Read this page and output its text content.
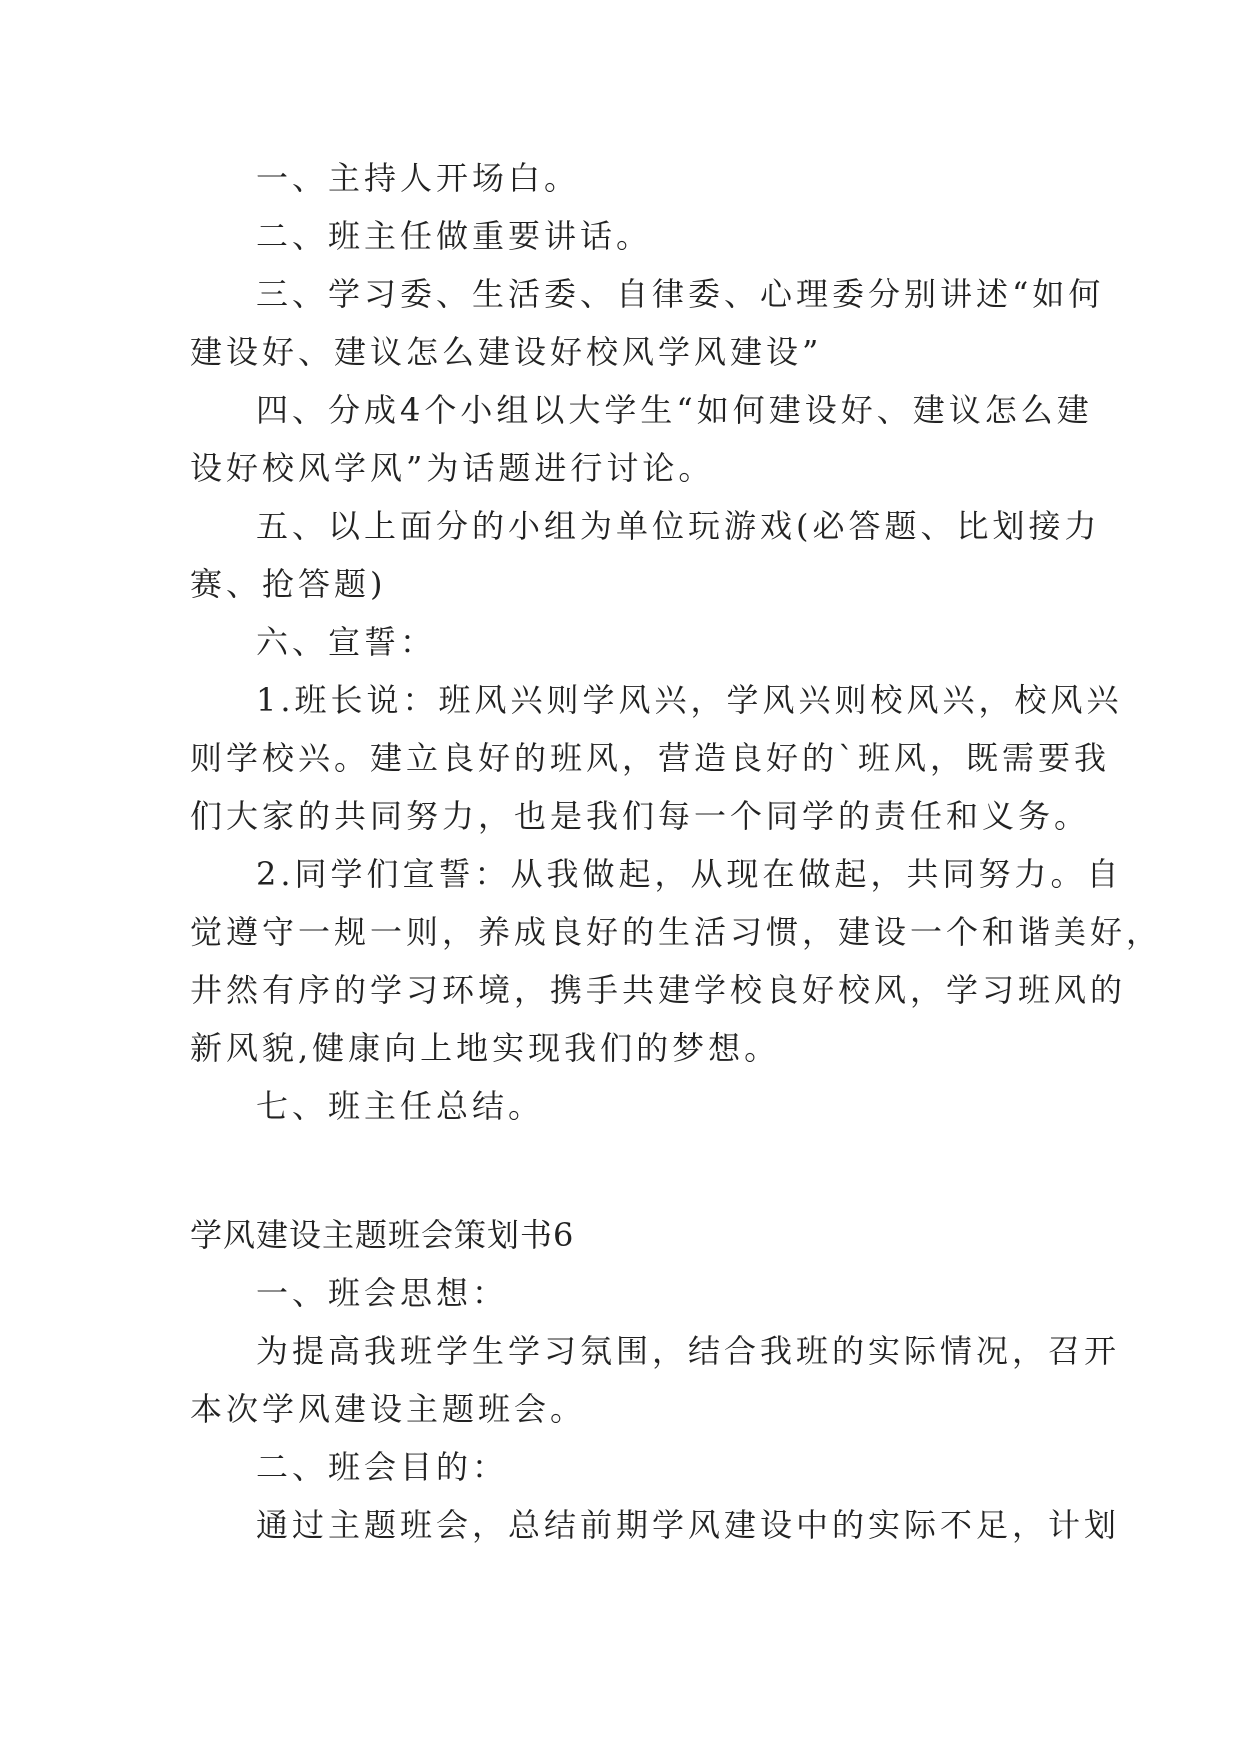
一、主持人开场白。
二、班主任做重要讲话。
三、学习委、生活委、自律委、心理委分别讲述“如何
建设好、建议怎么建设好校风学风建设”
四、分成4个小组以大学生“如何建设好、建议怎么建
设好校风学风”为话题进行讨论。
五、以上面分的小组为单位玩游戏(必答题、比划接力
赛、抢答题)
六、宣誓：
1.班长说：班风兴则学风兴，学风兴则校风兴，校风兴
则学校兴。建立良好的班风，营造良好的`班风，既需要我
们大家的共同努力，也是我们每一个同学的责任和义务。
2.同学们宣誓：从我做起，从现在做起，共同努力。自
觉遵守一规一则，养成良好的生活习惯，建设一个和谐美好，
井然有序的学习环境，携手共建学校良好校风，学习班风的
新风貌,健康向上地实现我们的梦想。
七、班主任总结。
学风建设主题班会策划书6
一、班会思想：
为提高我班学生学习氛围，结合我班的实际情况，召开
本次学风建设主题班会。
二、班会目的：
通过主题班会，总结前期学风建设中的实际不足，计划
